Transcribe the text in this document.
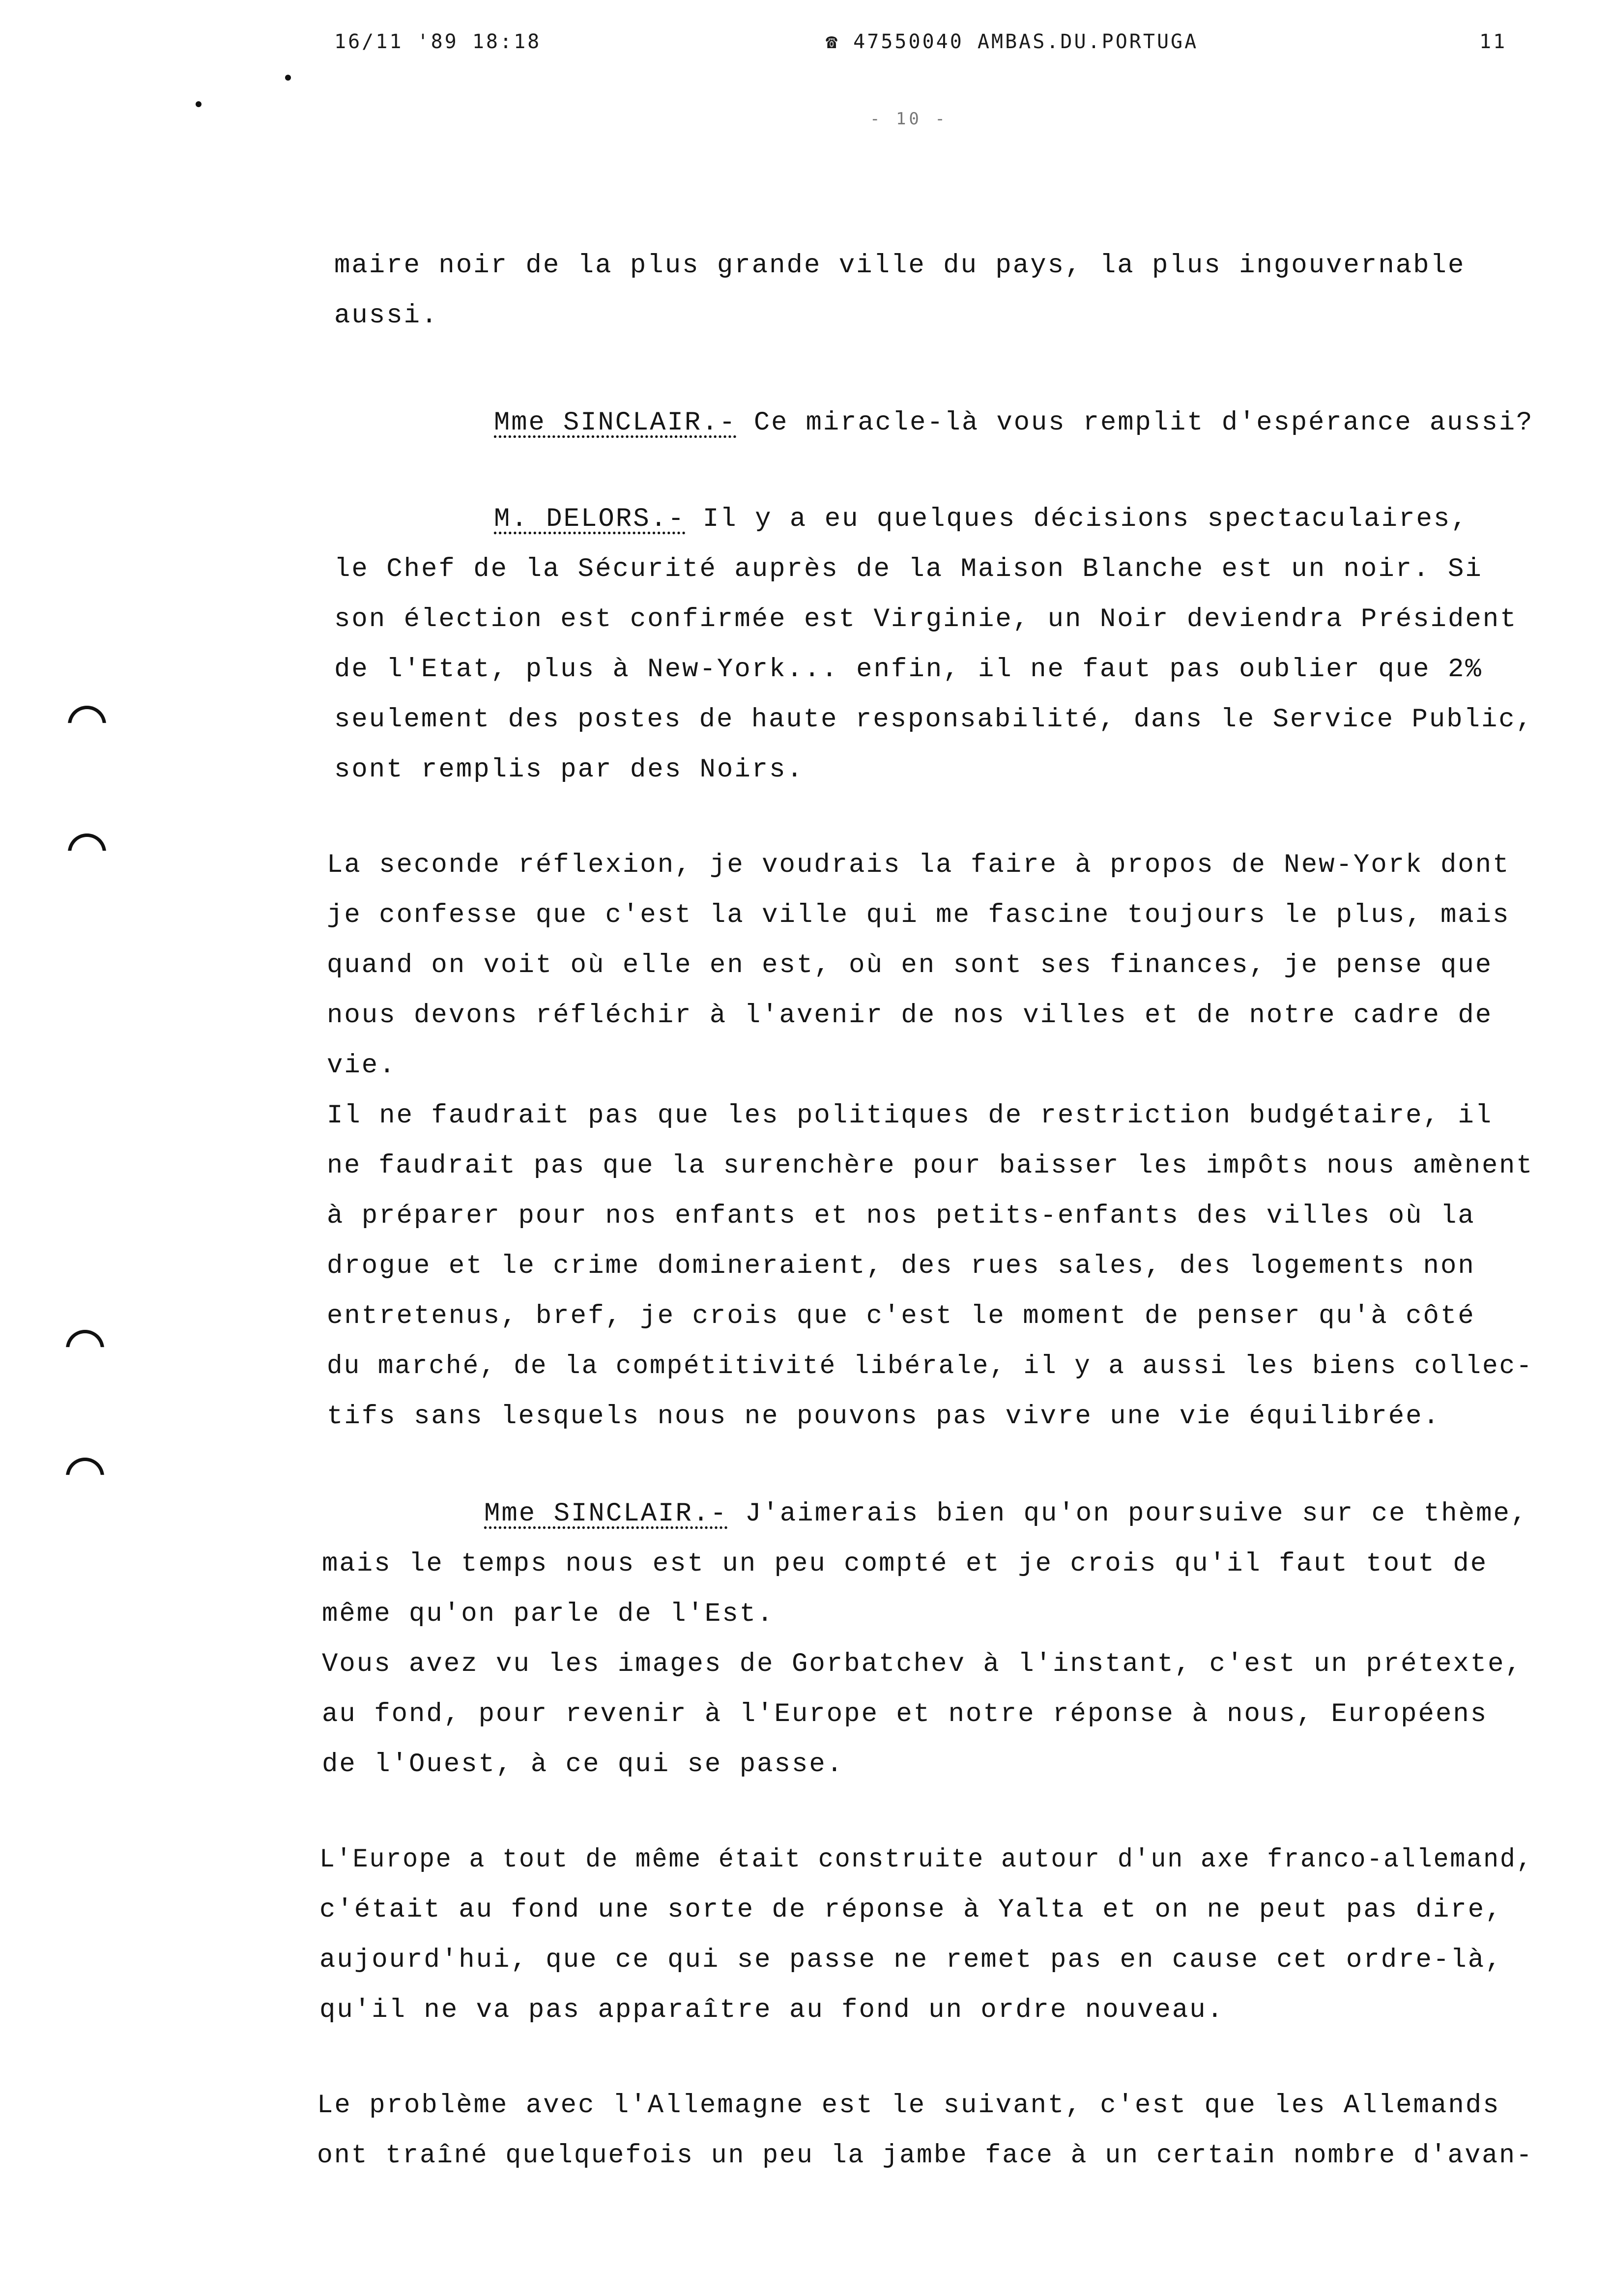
16/11 '89 18:18	☎ 47550040 AMBAS.DU.PORTUGA	11
- 10 -
maire noir de la plus grande ville du pays, la plus ingouvernable
aussi.
Mme SINCLAIR.- Ce miracle-là vous remplit d'espérance aussi?
M. DELORS.- Il y a eu quelques décisions spectaculaires,
le Chef de la Sécurité auprès de la Maison Blanche est un noir. Si
son élection est confirmée est Virginie, un Noir deviendra Président
de l'Etat, plus à New-York... enfin, il ne faut pas oublier que 2%
seulement des postes de haute responsabilité, dans le Service Public,
sont remplis par des Noirs.
La seconde réflexion, je voudrais la faire à propos de New-York dont
je confesse que c'est la ville qui me fascine toujours le plus, mais
quand on voit où elle en est, où en sont ses finances, je pense que
nous devons réfléchir à l'avenir de nos villes et de notre cadre de
vie.
Il ne faudrait pas que les politiques de restriction budgétaire, il
ne faudrait pas que la surenchère pour baisser les impôts nous amènent
à préparer pour nos enfants et nos petits-enfants des villes où la
drogue et le crime domineraient, des rues sales, des logements non
entretenus, bref, je crois que c'est le moment de penser qu'à côté
du marché, de la compétitivité libérale, il y a aussi les biens collec-
tifs sans lesquels nous ne pouvons pas vivre une vie équilibrée.
Mme SINCLAIR.- J'aimerais bien qu'on poursuive sur ce thème,
mais le temps nous est un peu compté et je crois qu'il faut tout de
même qu'on parle de l'Est.
Vous avez vu les images de Gorbatchev à l'instant, c'est un prétexte,
au fond, pour revenir à l'Europe et notre réponse à nous, Européens
de l'Ouest, à ce qui se passe.
L'Europe a tout de même était construite autour d'un axe franco-allemand,
c'était au fond une sorte de réponse à Yalta et on ne peut pas dire,
aujourd'hui, que ce qui se passe ne remet pas en cause cet ordre-là,
qu'il ne va pas apparaître au fond un ordre nouveau.
Le problème avec l'Allemagne est le suivant, c'est que les Allemands
ont traîné quelquefois un peu la jambe face à un certain nombre d'avan-
